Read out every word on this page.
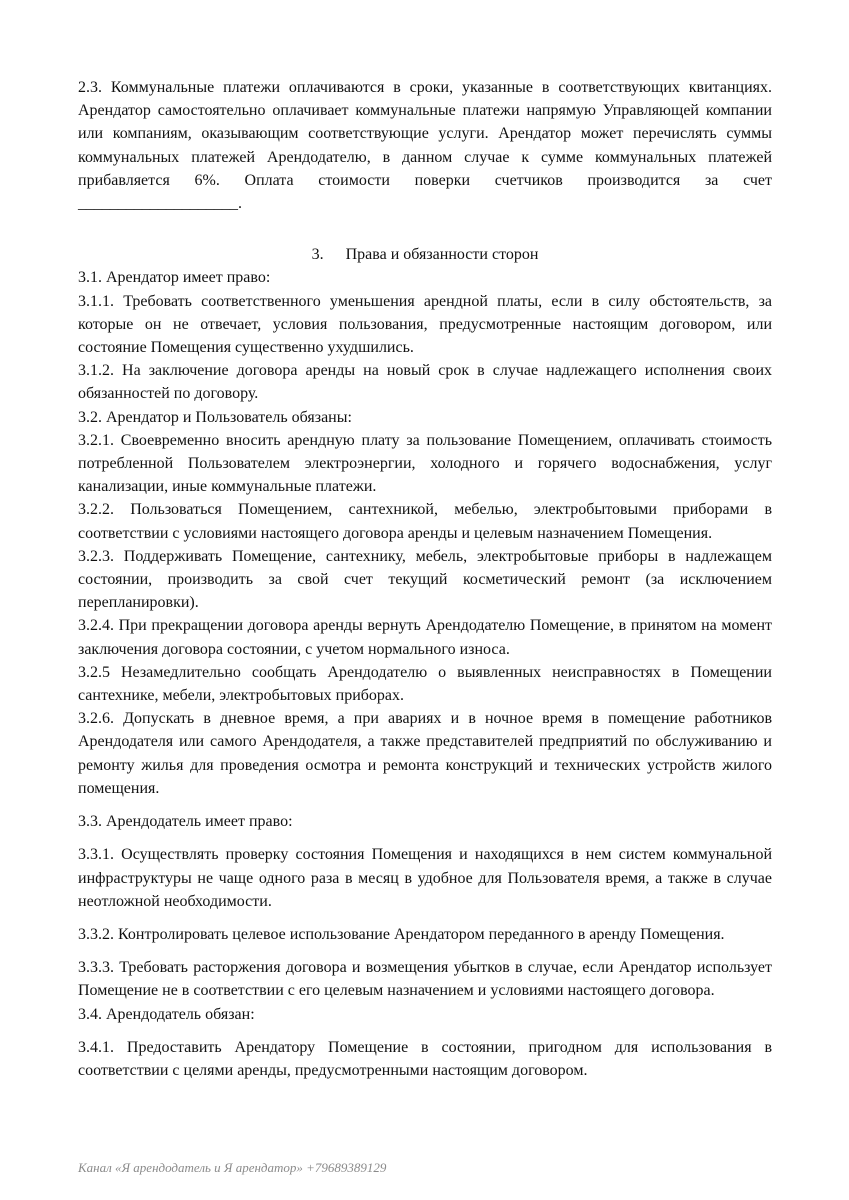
2.3. Коммунальные платежи оплачиваются в сроки, указанные в соответствующих квитанциях. Арендатор самостоятельно оплачивает коммунальные платежи напрямую Управляющей компании или компаниям, оказывающим соответствующие услуги. Арендатор может перечислять суммы коммунальных платежей Арендодателю, в данном случае к сумме коммунальных платежей прибавляется 6%. Оплата стоимости поверки счетчиков производится за счет ____________________.

3. Права и обязанности сторон

3.1. Арендатор имеет право:

3.1.1. Требовать соответственного уменьшения арендной платы, если в силу обстоятельств, за которые он не отвечает, условия пользования, предусмотренные настоящим договором, или состояние Помещения существенно ухудшились.

3.1.2. На заключение договора аренды на новый срок в случае надлежащего исполнения своих обязанностей по договору.

3.2. Арендатор и Пользователь обязаны:

3.2.1. Своевременно вносить арендную плату за пользование Помещением, оплачивать стоимость потребленной Пользователем электроэнергии, холодного и горячего водоснабжения, услуг канализации, иные коммунальные платежи.

3.2.2. Пользоваться Помещением, сантехникой, мебелью, электробытовыми приборами в соответствии с условиями настоящего договора аренды и целевым назначением Помещения.

3.2.3. Поддерживать Помещение, сантехнику, мебель, электробытовые приборы в надлежащем состоянии, производить за свой счет текущий косметический ремонт (за исключением перепланировки).

3.2.4. При прекращении договора аренды вернуть Арендодателю Помещение, в принятом на момент заключения договора состоянии, с учетом нормального износа.

3.2.5 Незамедлительно сообщать Арендодателю о выявленных неисправностях в Помещении сантехнике, мебели, электробытовых приборах.

3.2.6. Допускать в дневное время, а при авариях и в ночное время в помещение работников Арендодателя или самого Арендодателя, а также представителей предприятий по обслуживанию и ремонту жилья для проведения осмотра и ремонта конструкций и технических устройств жилого помещения.

3.3. Арендодатель имеет право:

3.3.1. Осуществлять проверку состояния Помещения и находящихся в нем систем коммунальной инфраструктуры не чаще одного раза в месяц в удобное для Пользователя время, а также в случае неотложной необходимости.

3.3.2. Контролировать целевое использование Арендатором переданного в аренду Помещения.

3.3.3. Требовать расторжения договора и возмещения убытков в случае, если Арендатор использует Помещение не в соответствии с его целевым назначением и условиями настоящего договора.

3.4. Арендодатель обязан:

3.4.1. Предоставить Арендатору Помещение в состоянии, пригодном для использования в соответствии с целями аренды, предусмотренными настоящим договором.

Канал «Я арендодатель и Я арендатор» +79689389129
